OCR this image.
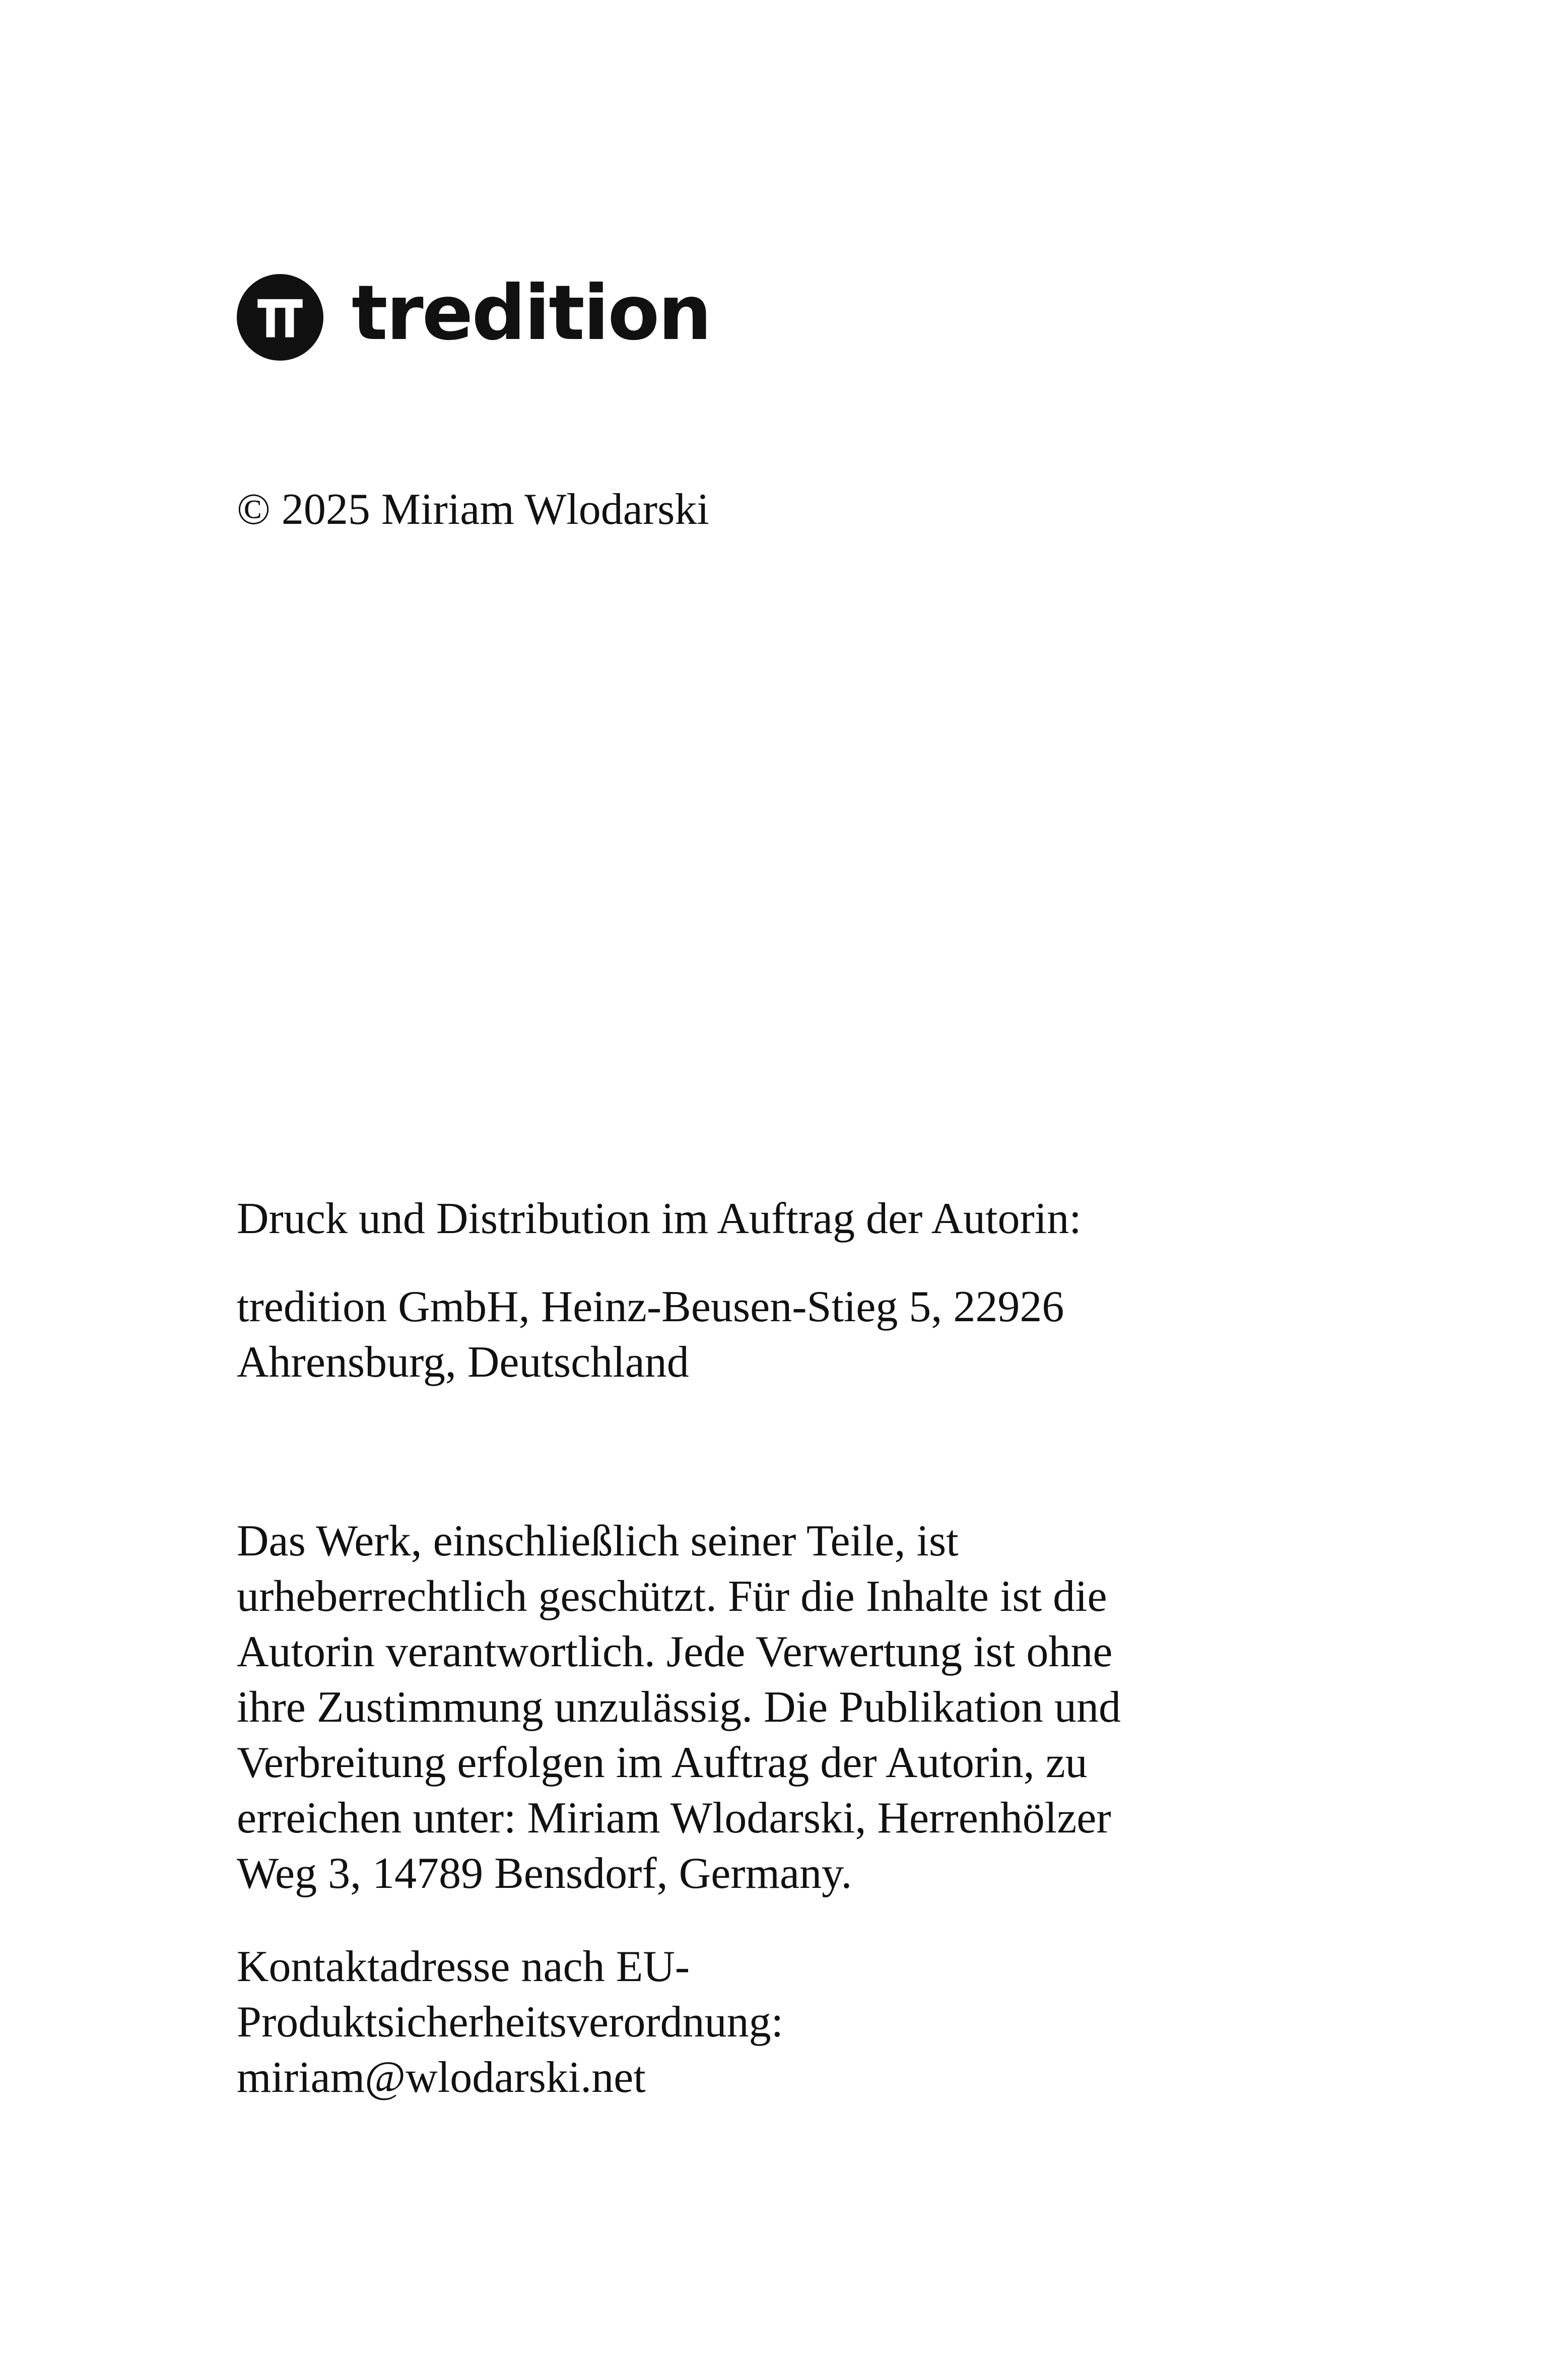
tredition

© 2025 Miriam Wlodarski

Druck und Distribution im Auftrag der Autorin:

tredition GmbH, Heinz-Beusen-Stieg 5, 22926
Ahrensburg, Deutschland

Das Werk, einschließlich seiner Teile, ist
urheberrechtlich geschützt. Für die Inhalte ist die
Autorin verantwortlich. Jede Verwertung ist ohne
ihre Zustimmung unzulässig. Die Publikation und
Verbreitung erfolgen im Auftrag der Autorin, zu
erreichen unter: Miriam Wlodarski, Herrenhölzer
Weg 3, 14789 Bensdorf, Germany.

Kontaktadresse nach EU-
Produktsicherheitsverordnung:
miriam@wlodarski.net
